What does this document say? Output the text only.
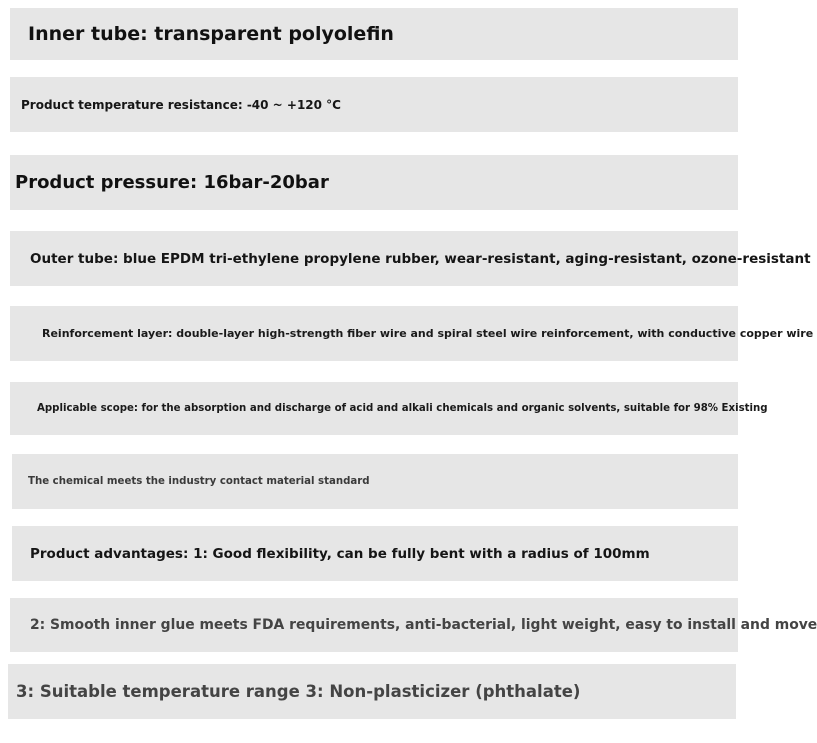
Inner tube: transparent polyolefin
Product temperature resistance: -40 ~ +120 °C
Product pressure: 16bar-20bar
Outer tube: blue EPDM tri-ethylene propylene rubber, wear-resistant, aging-resistant, ozone-resistant
Reinforcement layer: double-layer high-strength fiber wire and spiral steel wire reinforcement, with conductive copper wire
Applicable scope: for the absorption and discharge of acid and alkali chemicals and organic solvents, suitable for 98% Existing
The chemical meets the industry contact material standard
Product advantages: 1: Good flexibility, can be fully bent with a radius of 100mm
2: Smooth inner glue meets FDA requirements, anti-bacterial, light weight, easy to install and move
3: Suitable temperature range 3: Non-plasticizer (phthalate)
